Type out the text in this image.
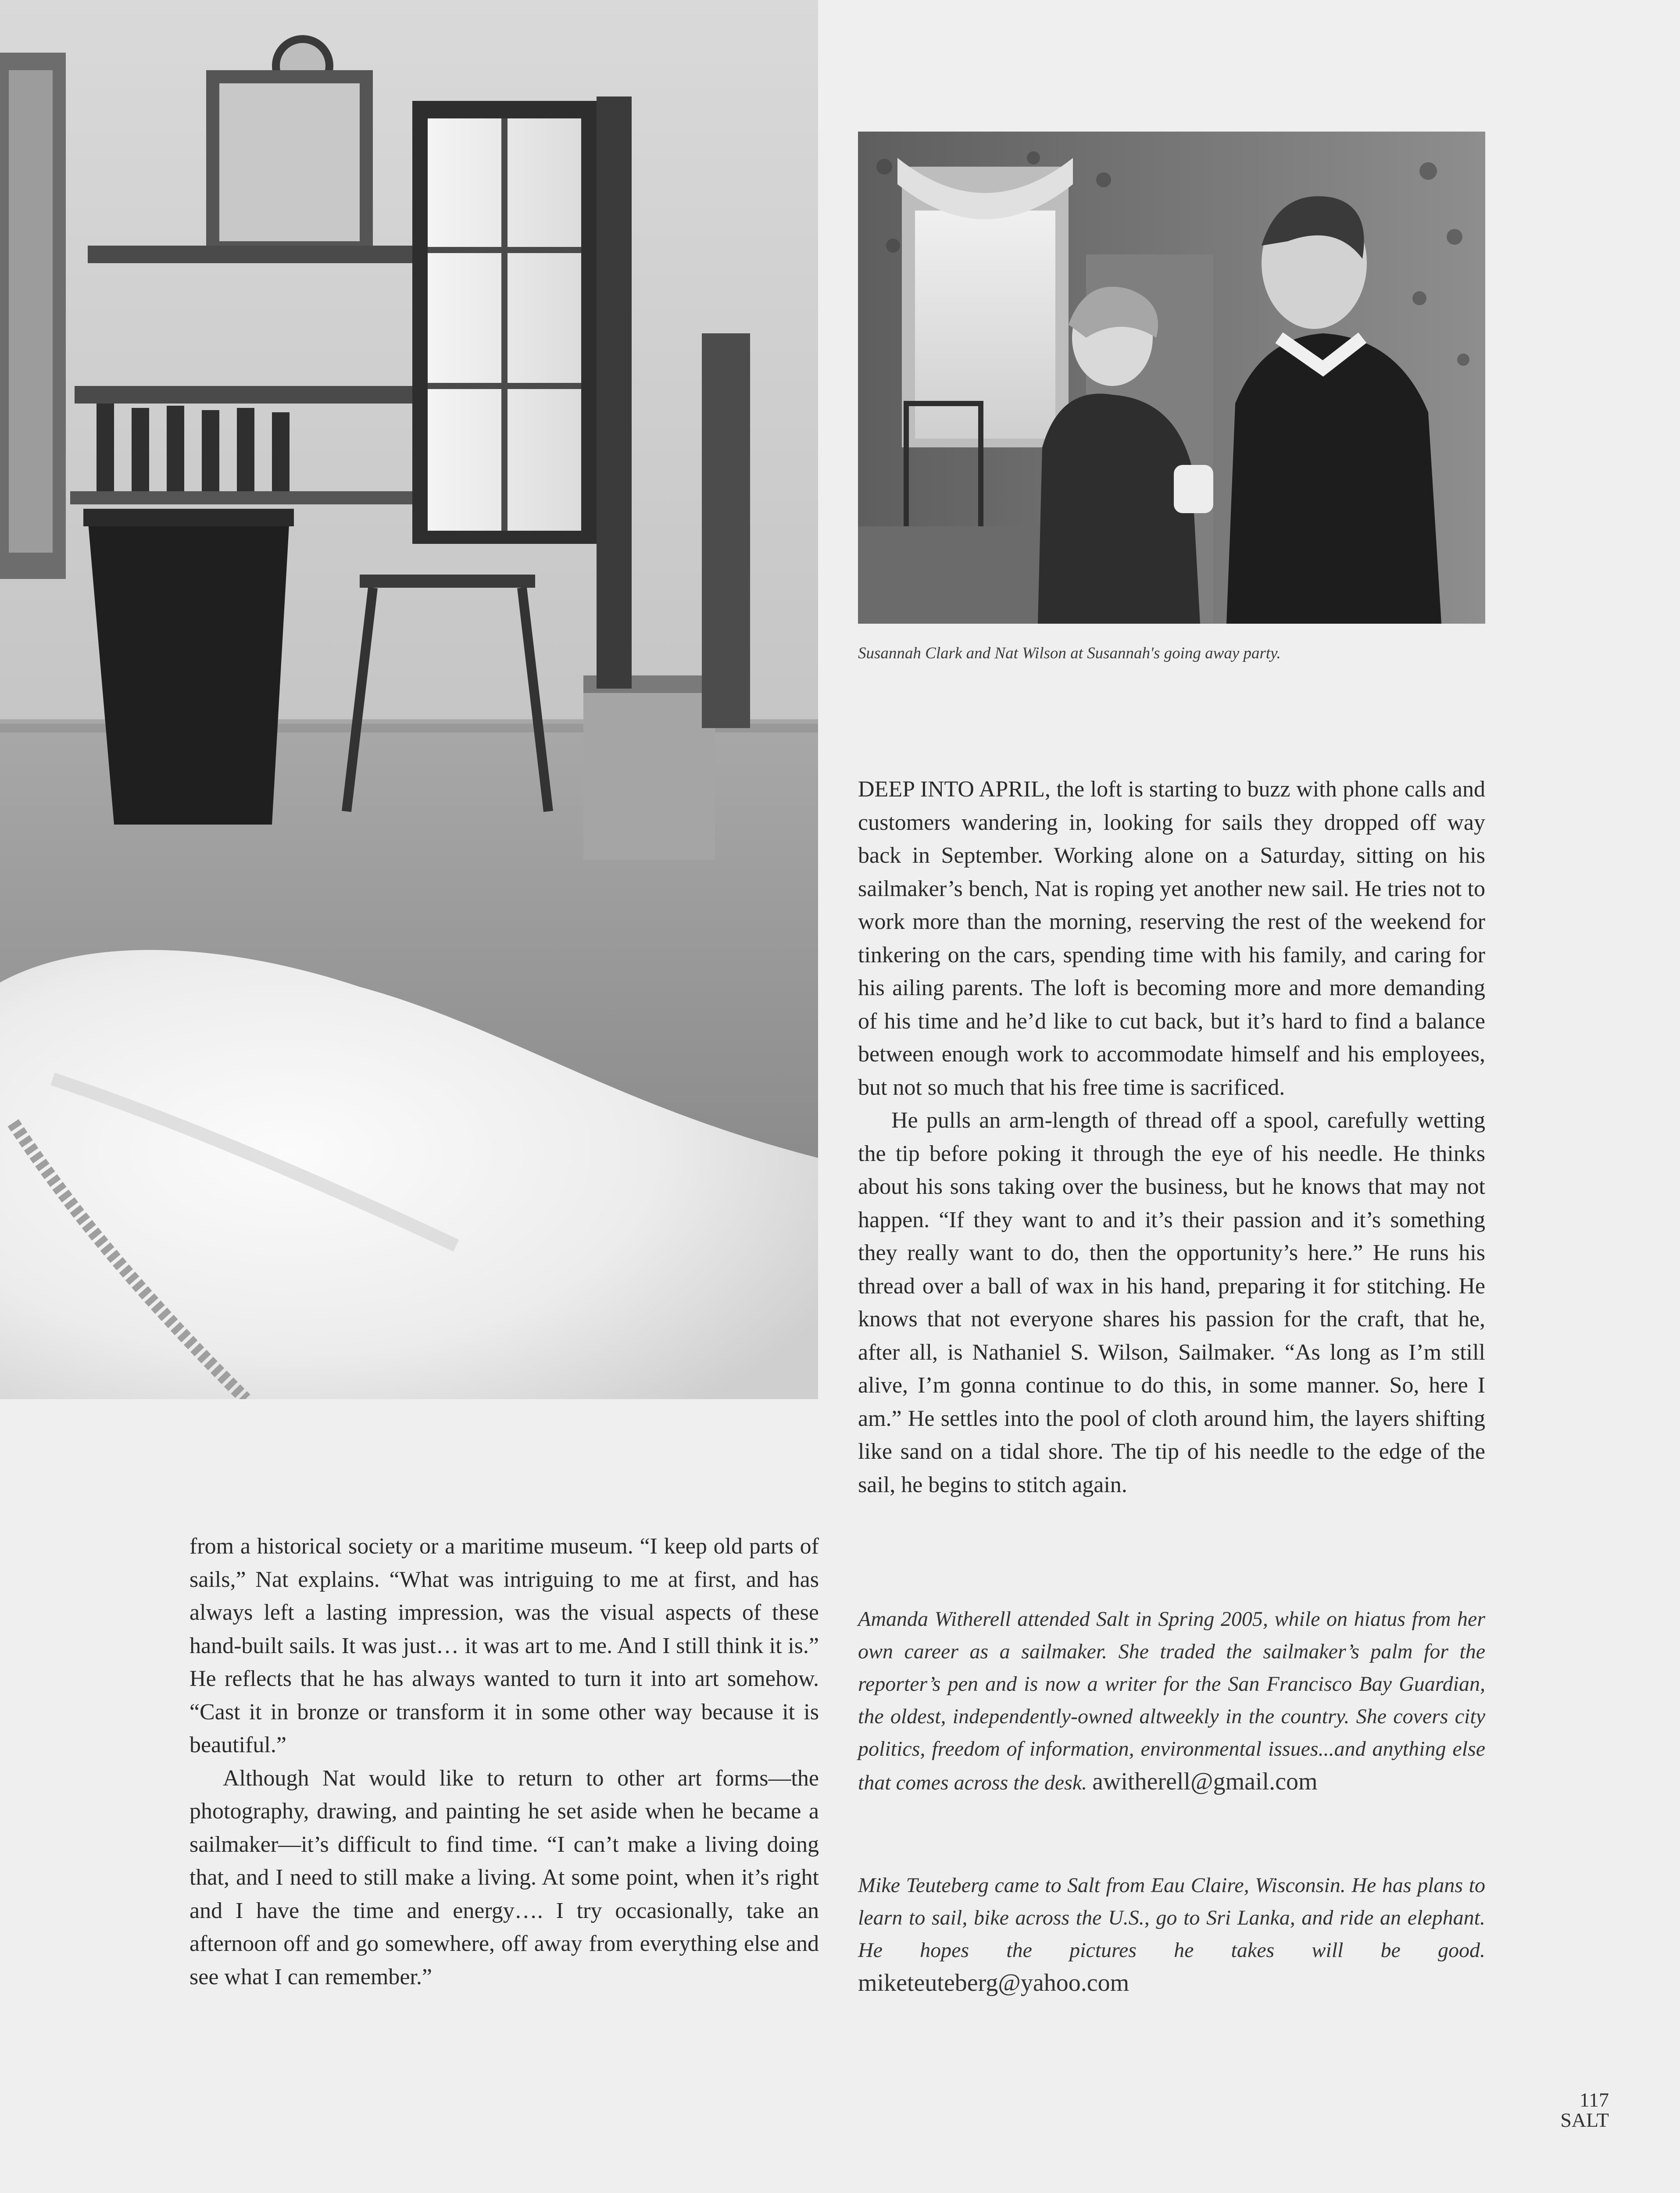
Susannah Clark and Nat Wilson at Susannah's going away party.

DEEP INTO APRIL, the loft is starting to buzz with phone calls and customers wandering in, looking for sails they dropped off way back in September. Working alone on a Saturday, sitting on his sailmaker’s bench, Nat is roping yet another new sail. He tries not to work more than the morning, reserving the rest of the weekend for tinkering on the cars, spending time with his family, and caring for his ailing parents. The loft is becoming more and more demanding of his time and he’d like to cut back, but it’s hard to find a balance between enough work to accommodate himself and his employees, but not so much that his free time is sacrificed.

He pulls an arm-length of thread off a spool, carefully wetting the tip before poking it through the eye of his needle. He thinks about his sons taking over the business, but he knows that may not happen. “If they want to and it’s their passion and it’s something they really want to do, then the opportunity’s here.” He runs his thread over a ball of wax in his hand, preparing it for stitching. He knows that not everyone shares his passion for the craft, that he, after all, is Nathaniel S. Wilson, Sailmaker. “As long as I’m still alive, I’m gonna continue to do this, in some manner. So, here I am.” He settles into the pool of cloth around him, the layers shifting like sand on a tidal shore. The tip of his needle to the edge of the sail, he begins to stitch again.

from a historical society or a maritime museum. “I keep old parts of sails,” Nat explains. “What was intriguing to me at first, and has always left a lasting impression, was the visual aspects of these hand-built sails. It was just… it was art to me. And I still think it is.” He reflects that he has always wanted to turn it into art somehow. “Cast it in bronze or transform it in some other way because it is beautiful.”

Although Nat would like to return to other art forms—the photography, drawing, and painting he set aside when he became a sailmaker—it’s difficult to find time. “I can’t make a living doing that, and I need to still make a living. At some point, when it’s right and I have the time and energy…. I try occasionally, take an afternoon off and go somewhere, off away from everything else and see what I can remember.”

Amanda Witherell attended Salt in Spring 2005, while on hiatus from her own career as a sailmaker. She traded the sailmaker’s palm for the reporter’s pen and is now a writer for the San Francisco Bay Guardian, the oldest, independently-owned altweekly in the country. She covers city politics, freedom of information, environmental issues...and anything else that comes across the desk. awitherell@gmail.com
Mike Teuteberg came to Salt from Eau Claire, Wisconsin. He has plans to learn to sail, bike across the U.S., go to Sri Lanka, and ride an elephant. He hopes the pictures he takes will be good. miketeuteberg@yahoo.com
117
SALT
